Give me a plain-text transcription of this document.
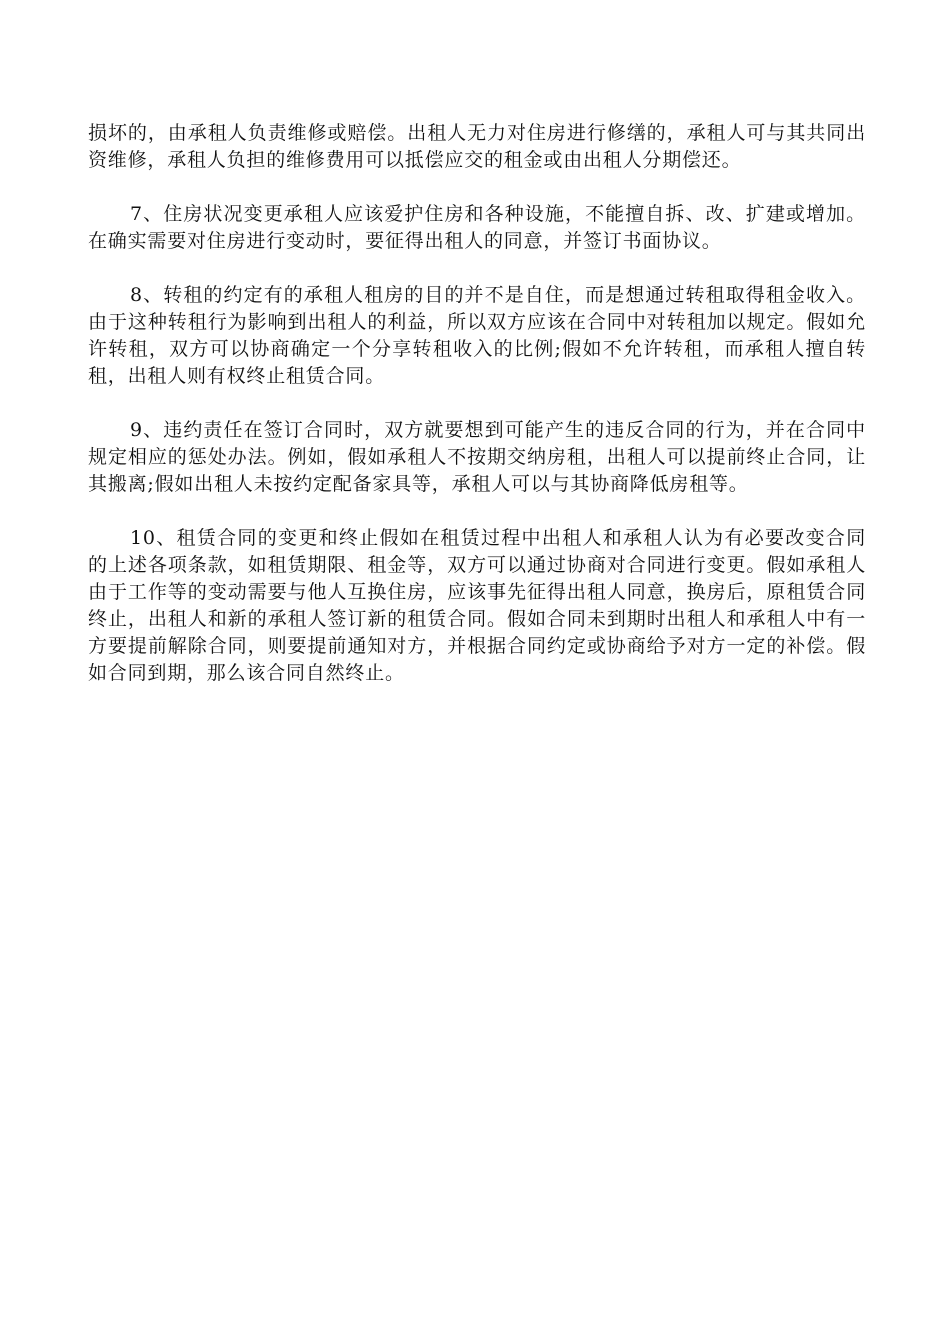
损坏的，由承租人负责维修或赔偿。出租人无力对住房进行修缮的，承租人可与其共同出资维修，承租人负担的维修费用可以抵偿应交的租金或由出租人分期偿还。

7、住房状况变更承租人应该爱护住房和各种设施，不能擅自拆、改、扩建或增加。在确实需要对住房进行变动时，要征得出租人的同意，并签订书面协议。

8、转租的约定有的承租人租房的目的并不是自住，而是想通过转租取得租金收入。由于这种转租行为影响到出租人的利益，所以双方应该在合同中对转租加以规定。假如允许转租，双方可以协商确定一个分享转租收入的比例;假如不允许转租，而承租人擅自转租，出租人则有权终止租赁合同。

9、违约责任在签订合同时，双方就要想到可能产生的违反合同的行为，并在合同中规定相应的惩处办法。例如，假如承租人不按期交纳房租，出租人可以提前终止合同，让其搬离;假如出租人未按约定配备家具等，承租人可以与其协商降低房租等。

10、租赁合同的变更和终止假如在租赁过程中出租人和承租人认为有必要改变合同的上述各项条款，如租赁期限、租金等，双方可以通过协商对合同进行变更。假如承租人由于工作等的变动需要与他人互换住房，应该事先征得出租人同意，换房后，原租赁合同终止，出租人和新的承租人签订新的租赁合同。假如合同未到期时出租人和承租人中有一方要提前解除合同，则要提前通知对方，并根据合同约定或协商给予对方一定的补偿。假如合同到期，那么该合同自然终止。
